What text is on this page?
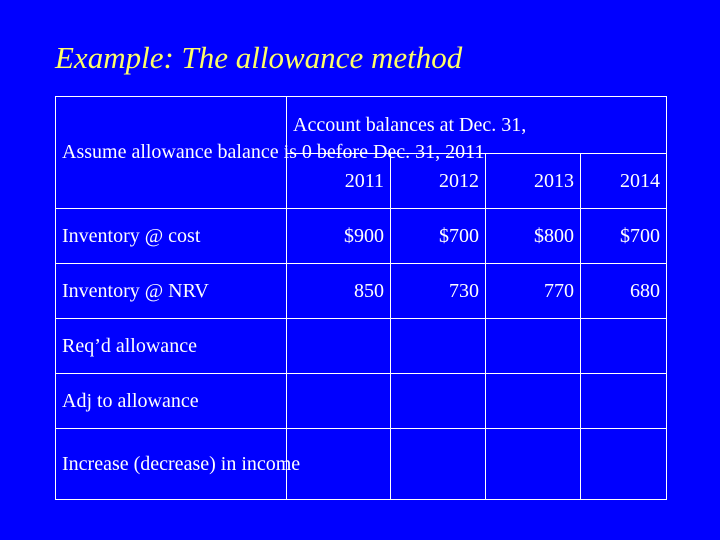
Example: The allowance method
Assume allowance balance is 0 before Dec. 31, 2011	Account balances at Dec. 31,			
	2011	2012	2013	2014
Inventory @ cost	$900	$700	$800	$700
Inventory @ NRV	850	730	770	680
Req’d allowance				
Adj to allowance				
Increase (decrease) in income				
